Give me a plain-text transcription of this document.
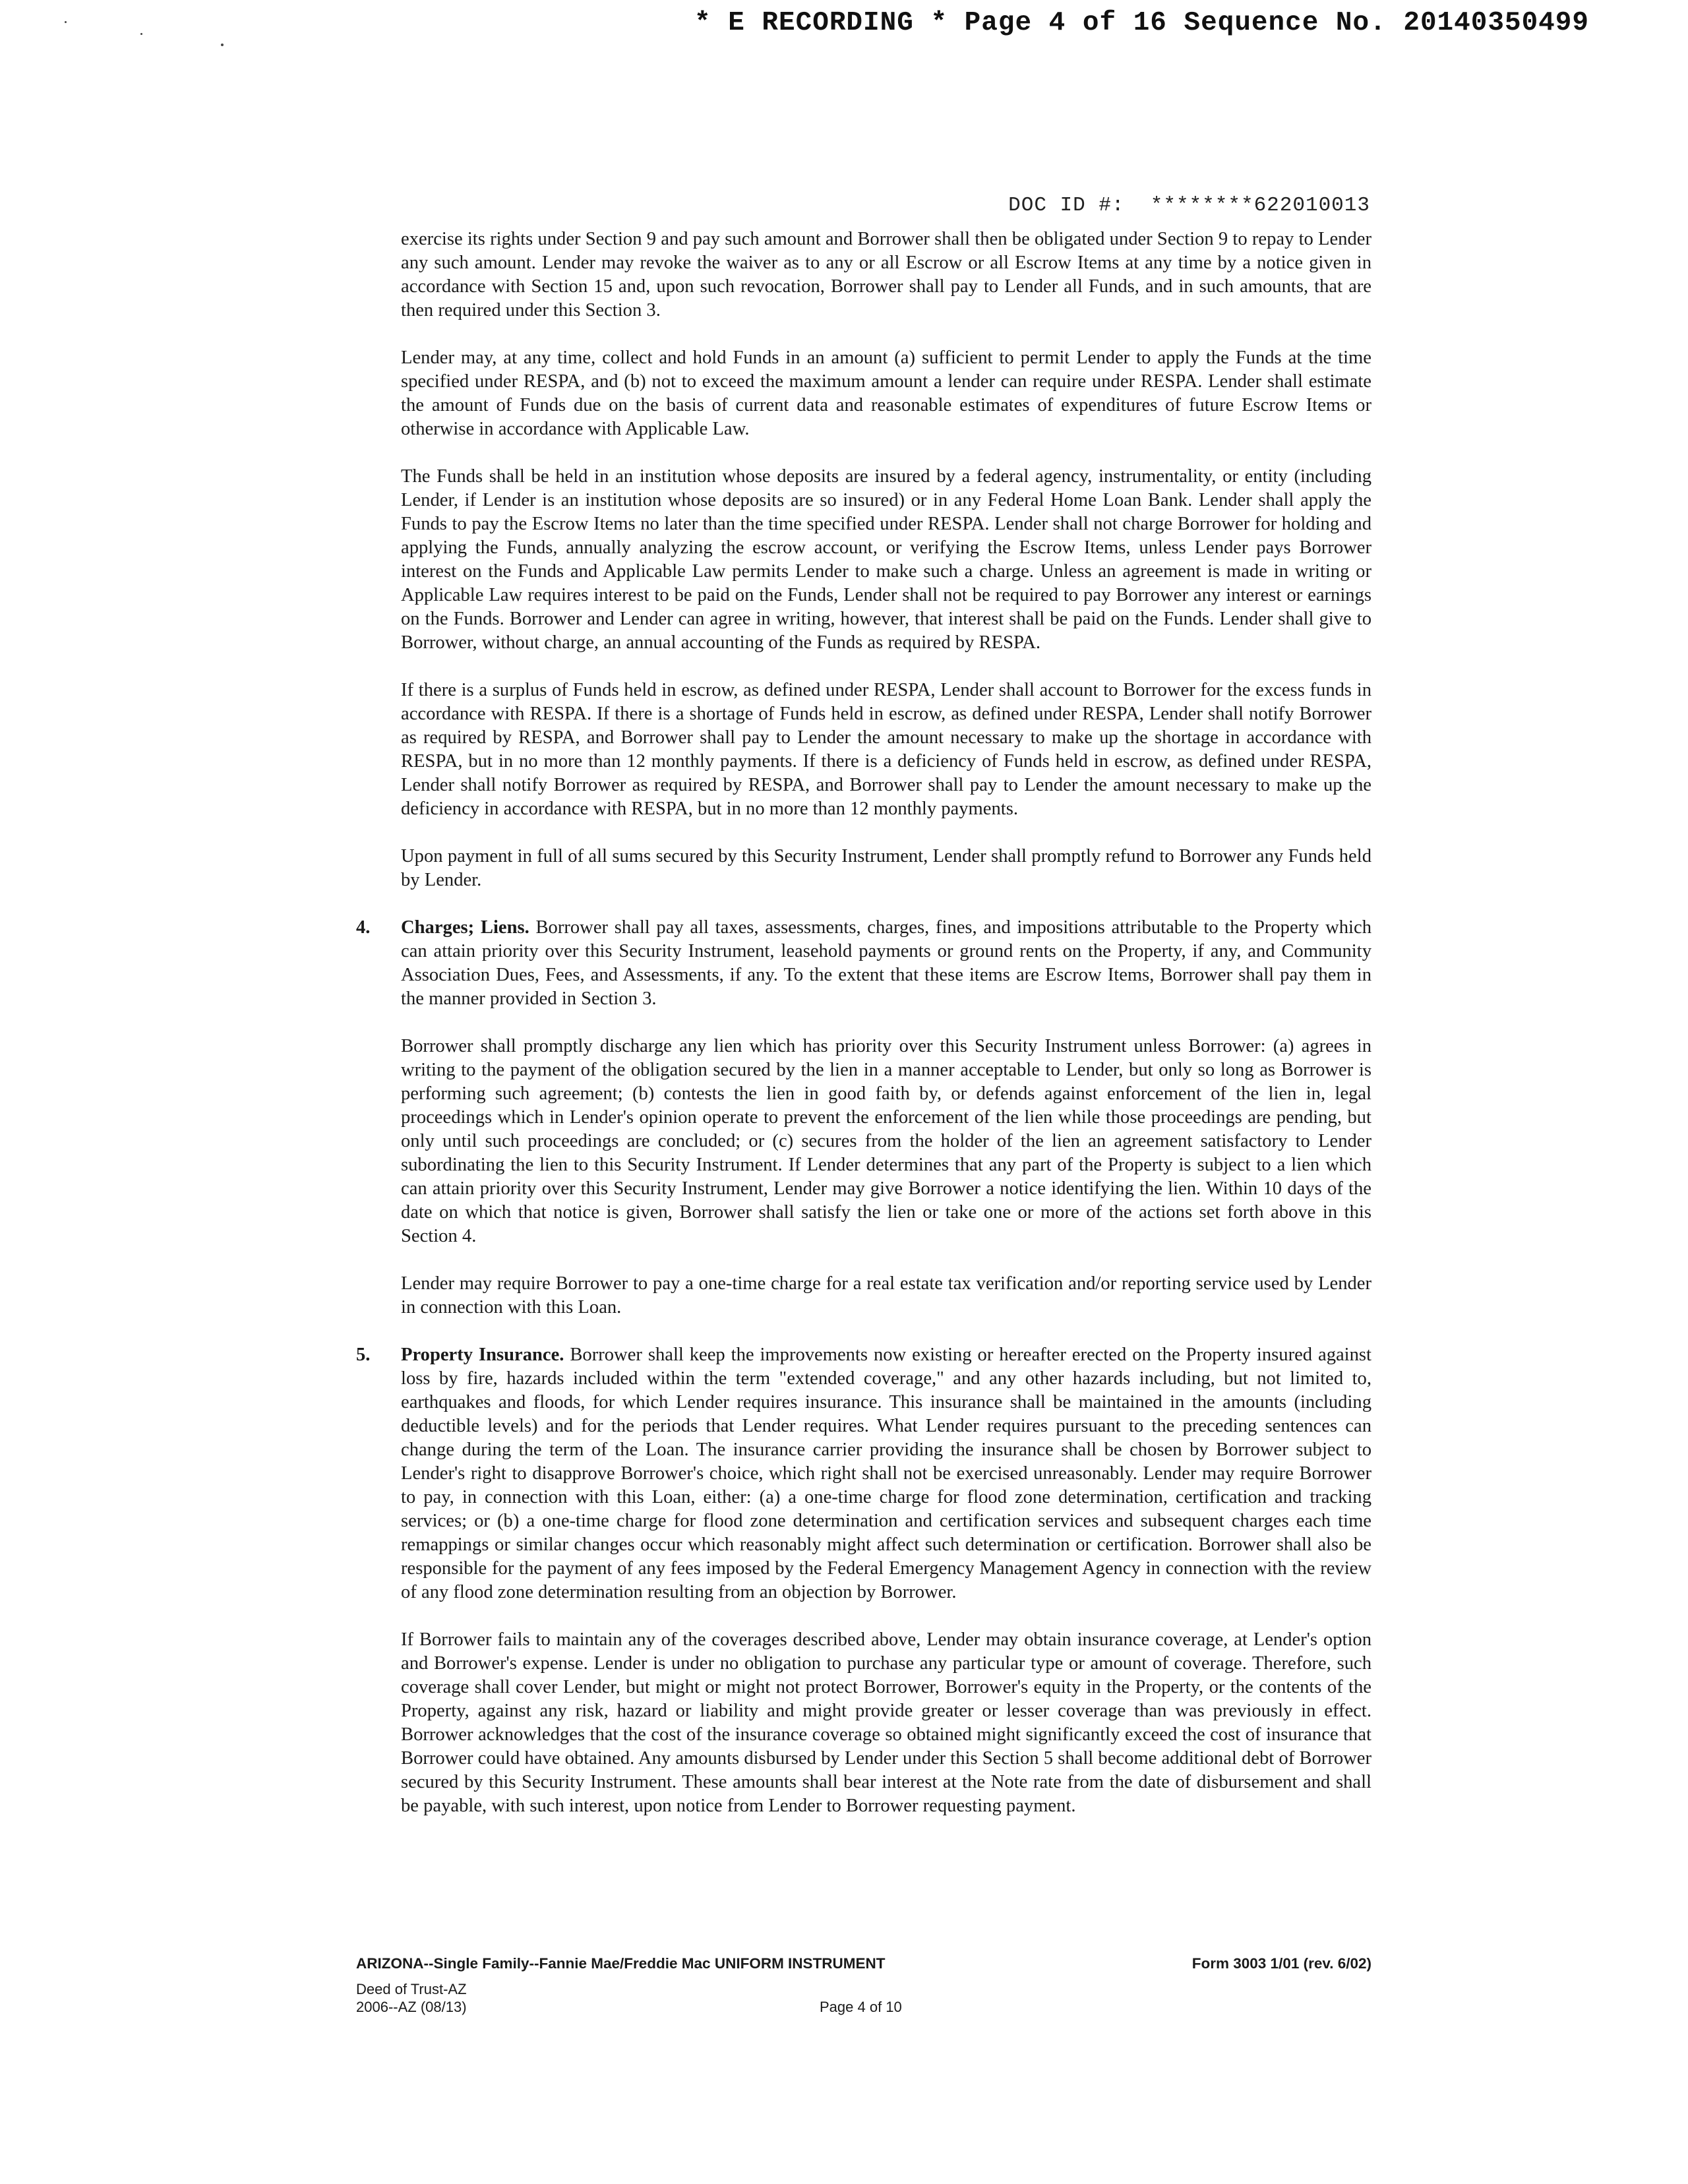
* E RECORDING * Page 4 of 16 Sequence No. 20140350499
DOC ID #:  ********622010013

exercise its rights under Section 9 and pay such amount and Borrower shall then be obligated under Section 9 to repay to Lender any such amount. Lender may revoke the waiver as to any or all Escrow or all Escrow Items at any time by a notice given in accordance with Section 15 and, upon such revocation, Borrower shall pay to Lender all Funds, and in such amounts, that are then required under this Section 3.

Lender may, at any time, collect and hold Funds in an amount (a) sufficient to permit Lender to apply the Funds at the time specified under RESPA, and (b) not to exceed the maximum amount a lender can require under RESPA. Lender shall estimate the amount of Funds due on the basis of current data and reasonable estimates of expenditures of future Escrow Items or otherwise in accordance with Applicable Law.

The Funds shall be held in an institution whose deposits are insured by a federal agency, instrumentality, or entity (including Lender, if Lender is an institution whose deposits are so insured) or in any Federal Home Loan Bank. Lender shall apply the Funds to pay the Escrow Items no later than the time specified under RESPA. Lender shall not charge Borrower for holding and applying the Funds, annually analyzing the escrow account, or verifying the Escrow Items, unless Lender pays Borrower interest on the Funds and Applicable Law permits Lender to make such a charge. Unless an agreement is made in writing or Applicable Law requires interest to be paid on the Funds, Lender shall not be required to pay Borrower any interest or earnings on the Funds. Borrower and Lender can agree in writing, however, that interest shall be paid on the Funds. Lender shall give to Borrower, without charge, an annual accounting of the Funds as required by RESPA.

If there is a surplus of Funds held in escrow, as defined under RESPA, Lender shall account to Borrower for the excess funds in accordance with RESPA. If there is a shortage of Funds held in escrow, as defined under RESPA, Lender shall notify Borrower as required by RESPA, and Borrower shall pay to Lender the amount necessary to make up the shortage in accordance with RESPA, but in no more than 12 monthly payments. If there is a deficiency of Funds held in escrow, as defined under RESPA, Lender shall notify Borrower as required by RESPA, and Borrower shall pay to Lender the amount necessary to make up the deficiency in accordance with RESPA, but in no more than 12 monthly payments.

Upon payment in full of all sums secured by this Security Instrument, Lender shall promptly refund to Borrower any Funds held by Lender.

4.	Charges; Liens. Borrower shall pay all taxes, assessments, charges, fines, and impositions attributable to the Property which can attain priority over this Security Instrument, leasehold payments or ground rents on the Property, if any, and Community Association Dues, Fees, and Assessments, if any. To the extent that these items are Escrow Items, Borrower shall pay them in the manner provided in Section 3.

Borrower shall promptly discharge any lien which has priority over this Security Instrument unless Borrower: (a) agrees in writing to the payment of the obligation secured by the lien in a manner acceptable to Lender, but only so long as Borrower is performing such agreement; (b) contests the lien in good faith by, or defends against enforcement of the lien in, legal proceedings which in Lender's opinion operate to prevent the enforcement of the lien while those proceedings are pending, but only until such proceedings are concluded; or (c) secures from the holder of the lien an agreement satisfactory to Lender subordinating the lien to this Security Instrument. If Lender determines that any part of the Property is subject to a lien which can attain priority over this Security Instrument, Lender may give Borrower a notice identifying the lien. Within 10 days of the date on which that notice is given, Borrower shall satisfy the lien or take one or more of the actions set forth above in this Section 4.

Lender may require Borrower to pay a one-time charge for a real estate tax verification and/or reporting service used by Lender in connection with this Loan.

5.	Property Insurance. Borrower shall keep the improvements now existing or hereafter erected on the Property insured against loss by fire, hazards included within the term "extended coverage," and any other hazards including, but not limited to, earthquakes and floods, for which Lender requires insurance. This insurance shall be maintained in the amounts (including deductible levels) and for the periods that Lender requires. What Lender requires pursuant to the preceding sentences can change during the term of the Loan. The insurance carrier providing the insurance shall be chosen by Borrower subject to Lender's right to disapprove Borrower's choice, which right shall not be exercised unreasonably. Lender may require Borrower to pay, in connection with this Loan, either: (a) a one-time charge for flood zone determination, certification and tracking services; or (b) a one-time charge for flood zone determination and certification services and subsequent charges each time remappings or similar changes occur which reasonably might affect such determination or certification. Borrower shall also be responsible for the payment of any fees imposed by the Federal Emergency Management Agency in connection with the review of any flood zone determination resulting from an objection by Borrower.

If Borrower fails to maintain any of the coverages described above, Lender may obtain insurance coverage, at Lender's option and Borrower's expense. Lender is under no obligation to purchase any particular type or amount of coverage. Therefore, such coverage shall cover Lender, but might or might not protect Borrower, Borrower's equity in the Property, or the contents of the Property, against any risk, hazard or liability and might provide greater or lesser coverage than was previously in effect. Borrower acknowledges that the cost of the insurance coverage so obtained might significantly exceed the cost of insurance that Borrower could have obtained. Any amounts disbursed by Lender under this Section 5 shall become additional debt of Borrower secured by this Security Instrument. These amounts shall bear interest at the Note rate from the date of disbursement and shall be payable, with such interest, upon notice from Lender to Borrower requesting payment.

ARIZONA--Single Family--Fannie Mae/Freddie Mac UNIFORM INSTRUMENT	Form 3003 1/01 (rev. 6/02)
Deed of Trust-AZ
2006--AZ (08/13)	Page 4 of 10
